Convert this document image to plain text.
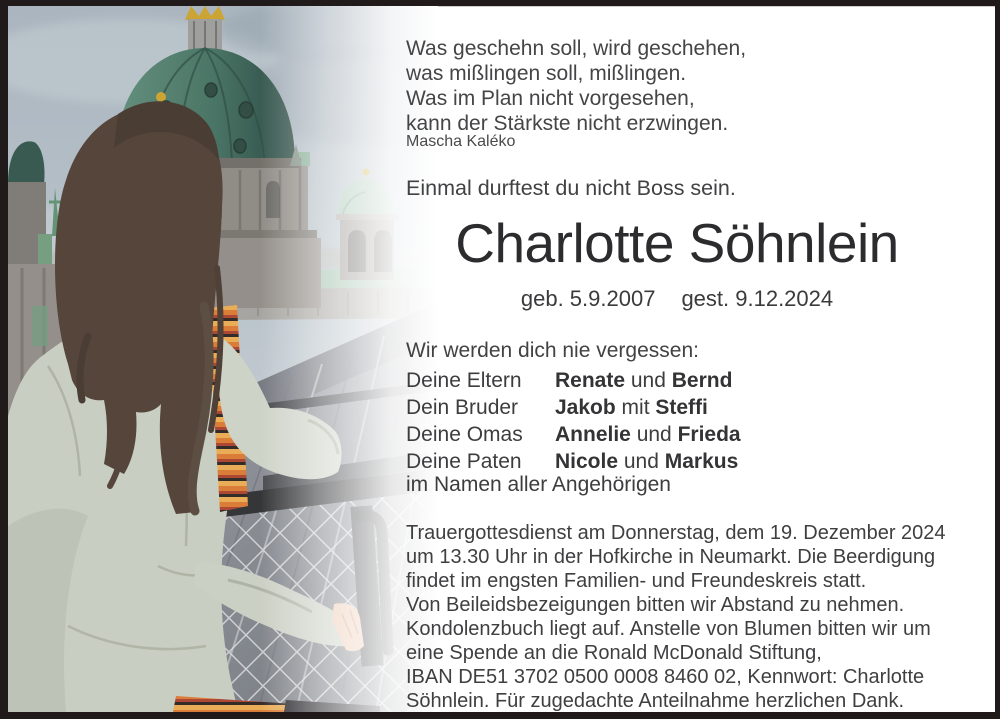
Was geschehn soll, wird geschehen,
was mißlingen soll, mißlingen.
Was im Plan nicht vorgesehen,
kann der Stärkste nicht erzwingen.
Mascha Kaléko
Einmal durftest du nicht Boss sein.
Charlotte Söhnlein
geb. 5.9.2007 gest. 9.12.2024
Wir werden dich nie vergessen:
Deine Eltern	Renate und Bernd
Dein Bruder	Jakob mit Steffi
Deine Omas	Annelie und Frieda
Deine Paten	Nicole und Markus
im Namen aller Angehörigen
Trauergottesdienst am Donnerstag, dem 19. Dezember 2024
um 13.30 Uhr in der Hofkirche in Neumarkt. Die Beerdigung
findet im engsten Familien- und Freundeskreis statt.
Von Beileidsbezeigungen bitten wir Abstand zu nehmen.
Kondolenzbuch liegt auf. Anstelle von Blumen bitten wir um
eine Spende an die Ronald McDonald Stiftung,
IBAN DE51 3702 0500 0008 8460 02, Kennwort: Charlotte
Söhnlein. Für zugedachte Anteilnahme herzlichen Dank.
